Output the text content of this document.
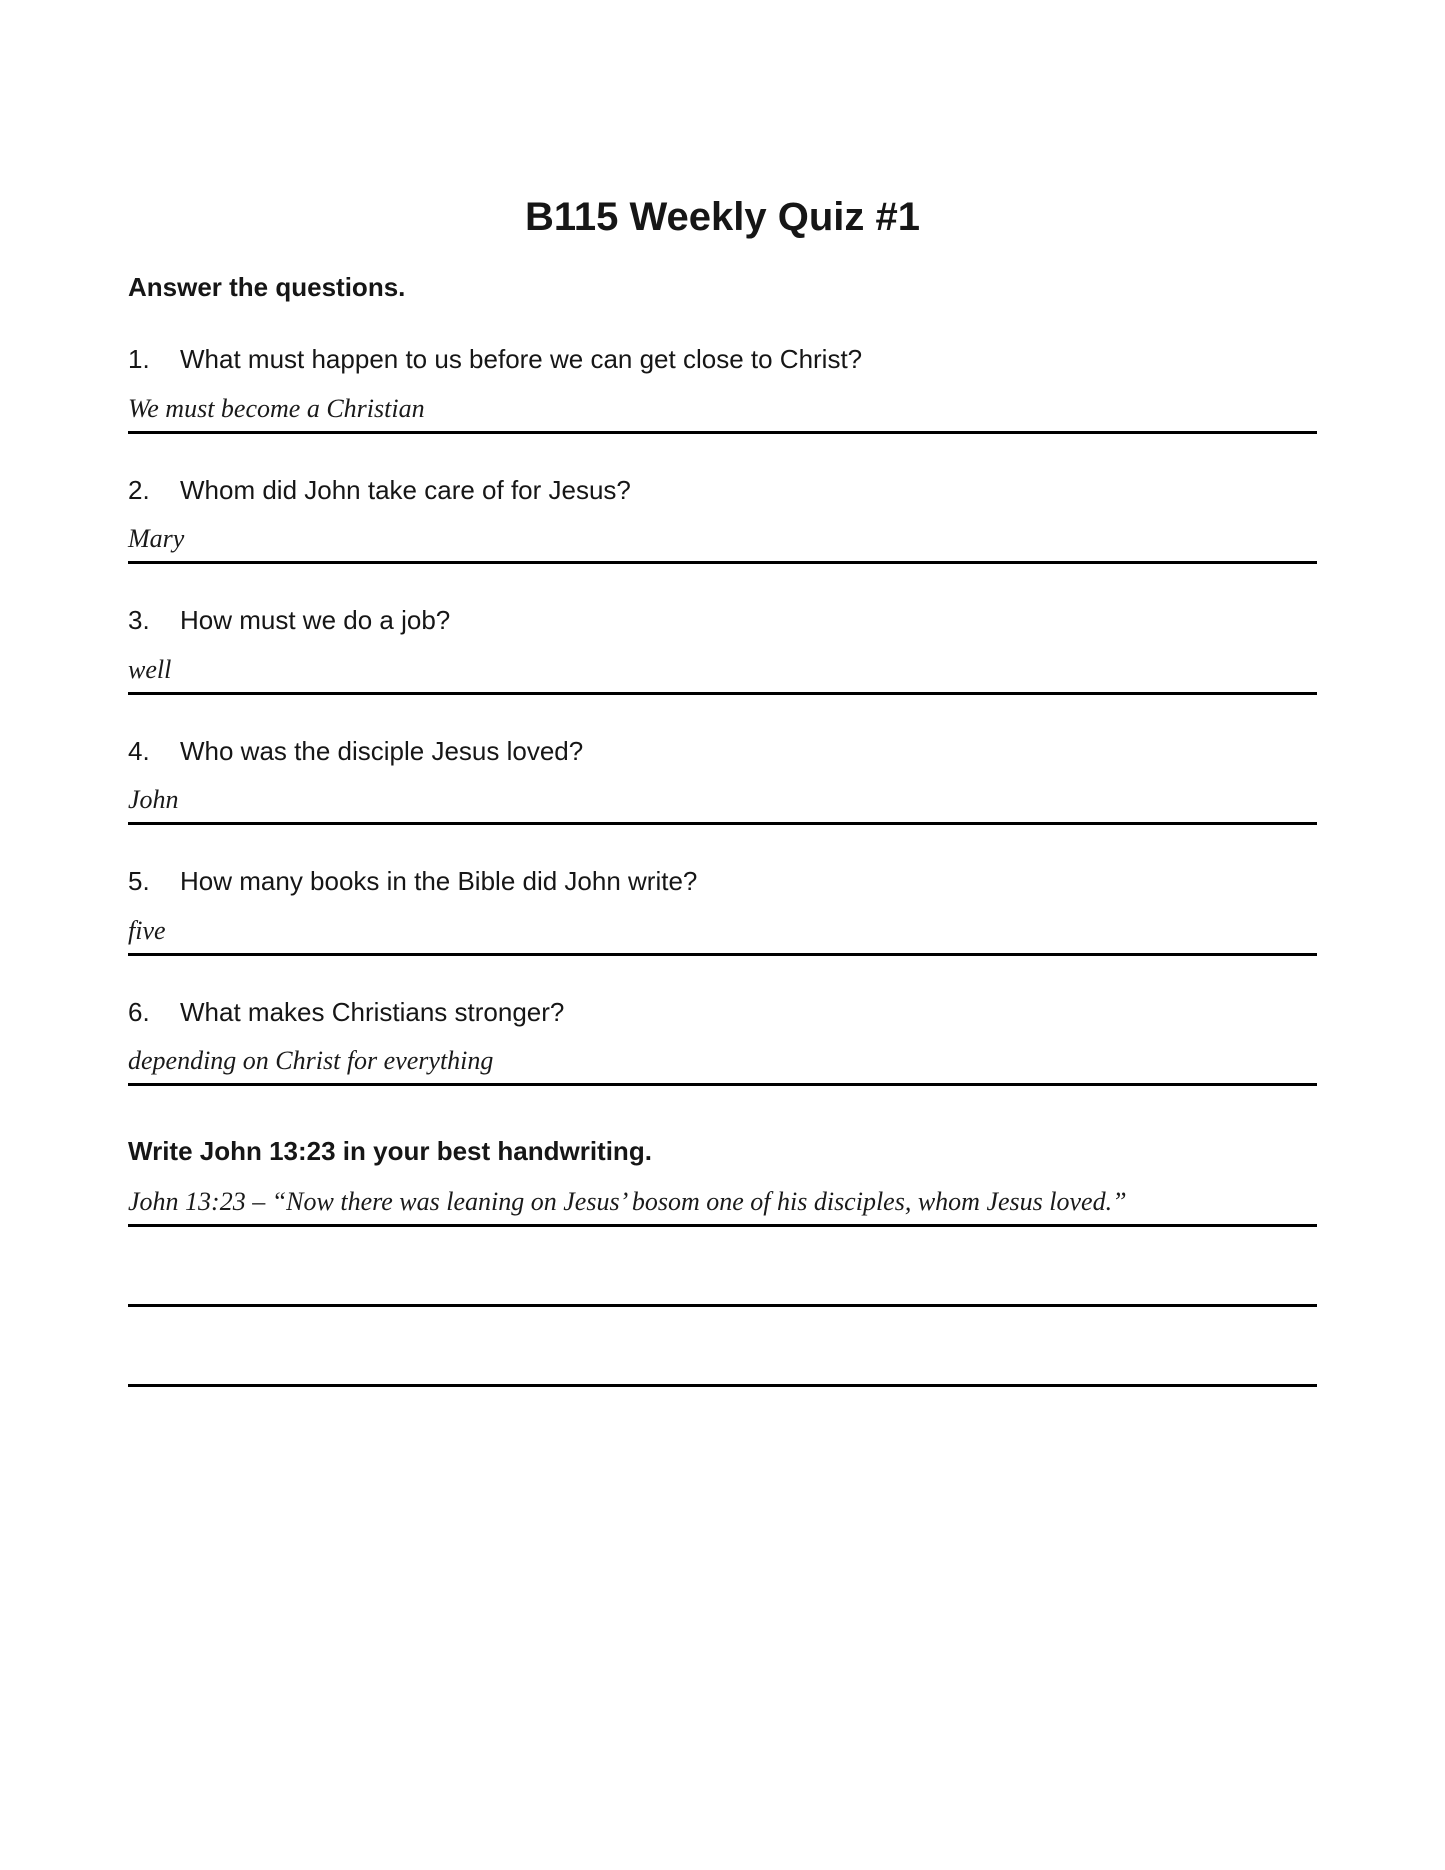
B115 Weekly Quiz #1
Answer the questions.
1.	What must happen to us before we can get close to Christ?
We must become a Christian
2.	Whom did John take care of for Jesus?
Mary
3.	How must we do a job?
well
4.	Who was the disciple Jesus loved?
John
5.	How many books in the Bible did John write?
five
6.	What makes Christians stronger?
depending on Christ for everything
Write John 13:23 in your best handwriting.
John 13:23 – “Now there was leaning on Jesus’ bosom one of his disciples, whom Jesus loved.”
